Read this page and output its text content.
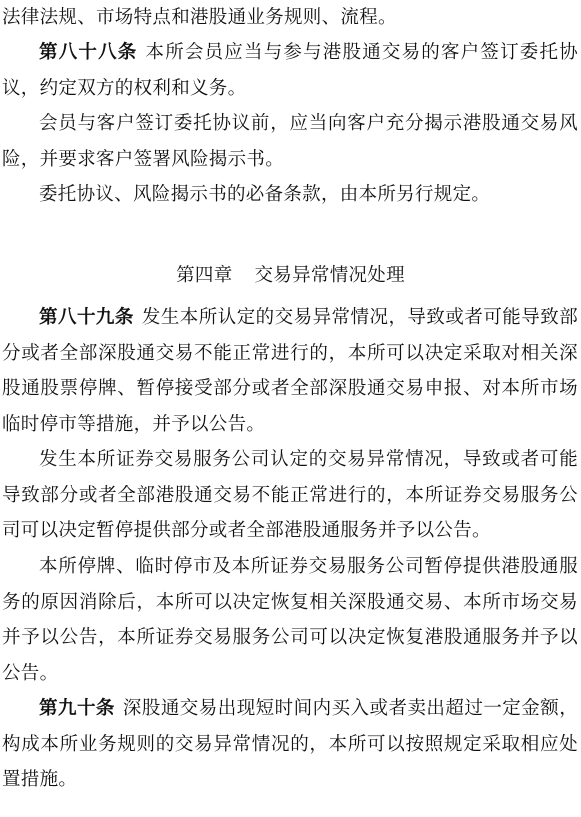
法律法规、市场特点和港股通业务规则、流程。

第八十八条 本所会员应当与参与港股通交易的客户签订委托协议，约定双方的权利和义务。

会员与客户签订委托协议前，应当向客户充分揭示港股通交易风险，并要求客户签署风险揭示书。

委托协议、风险揭示书的必备条款，由本所另行规定。

第四章 交易异常情况处理

第八十九条 发生本所认定的交易异常情况，导致或者可能导致部分或者全部深股通交易不能正常进行的，本所可以决定采取对相关深股通股票停牌、暂停接受部分或者全部深股通交易申报、对本所市场临时停市等措施，并予以公告。

发生本所证券交易服务公司认定的交易异常情况，导致或者可能导致部分或者全部港股通交易不能正常进行的，本所证券交易服务公司可以决定暂停提供部分或者全部港股通服务并予以公告。

本所停牌、临时停市及本所证券交易服务公司暂停提供港股通服务的原因消除后，本所可以决定恢复相关深股通交易、本所市场交易并予以公告，本所证券交易服务公司可以决定恢复港股通服务并予以公告。

第九十条 深股通交易出现短时间内买入或者卖出超过一定金额，构成本所业务规则的交易异常情况的，本所可以按照规定采取相应处置措施。
